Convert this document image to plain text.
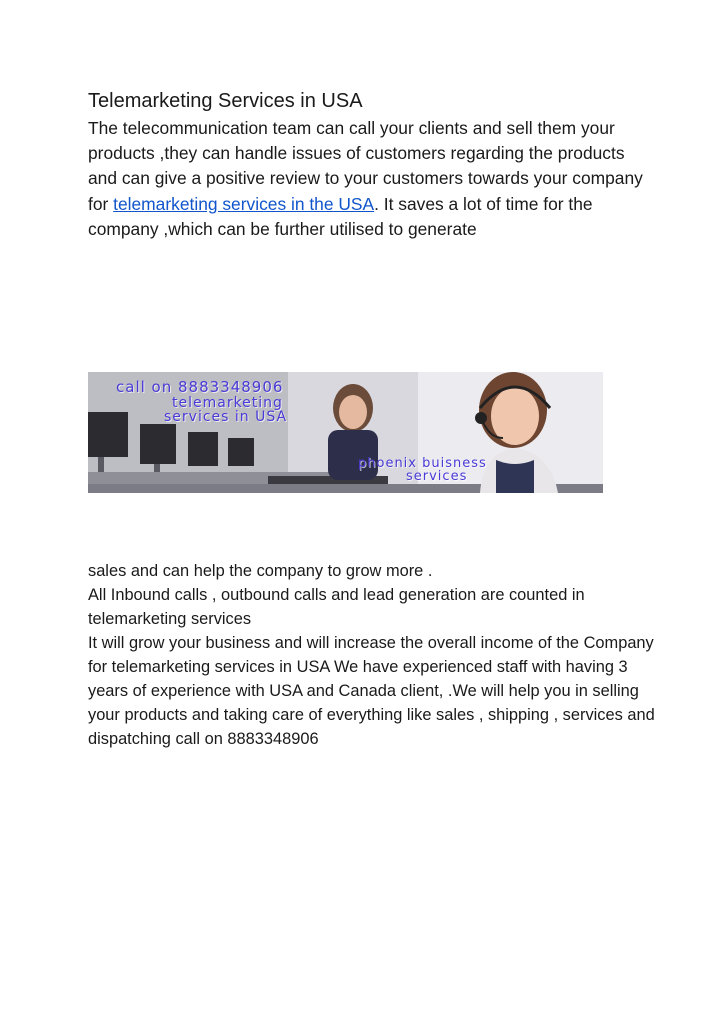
Telemarketing Services in USA

The telecommunication team can call your clients and sell them your products ,they can handle issues of customers regarding the products and can give a positive review to your customers towards your company for telemarketing services in the USA. It saves a lot of time for the company ,which can be further utilised to generate

call on 8883348906
telemarketing
services in USA
phoenix buisness
services
sales and can help the company to grow more .
All Inbound calls , outbound calls and lead generation are counted in telemarketing services
It will grow your business and will increase the overall income of the Company for telemarketing services in USA We have experienced staff with having 3 years of experience with USA and Canada client, .We will help you in selling your products and taking care of everything like sales , shipping , services and dispatching call on 8883348906
